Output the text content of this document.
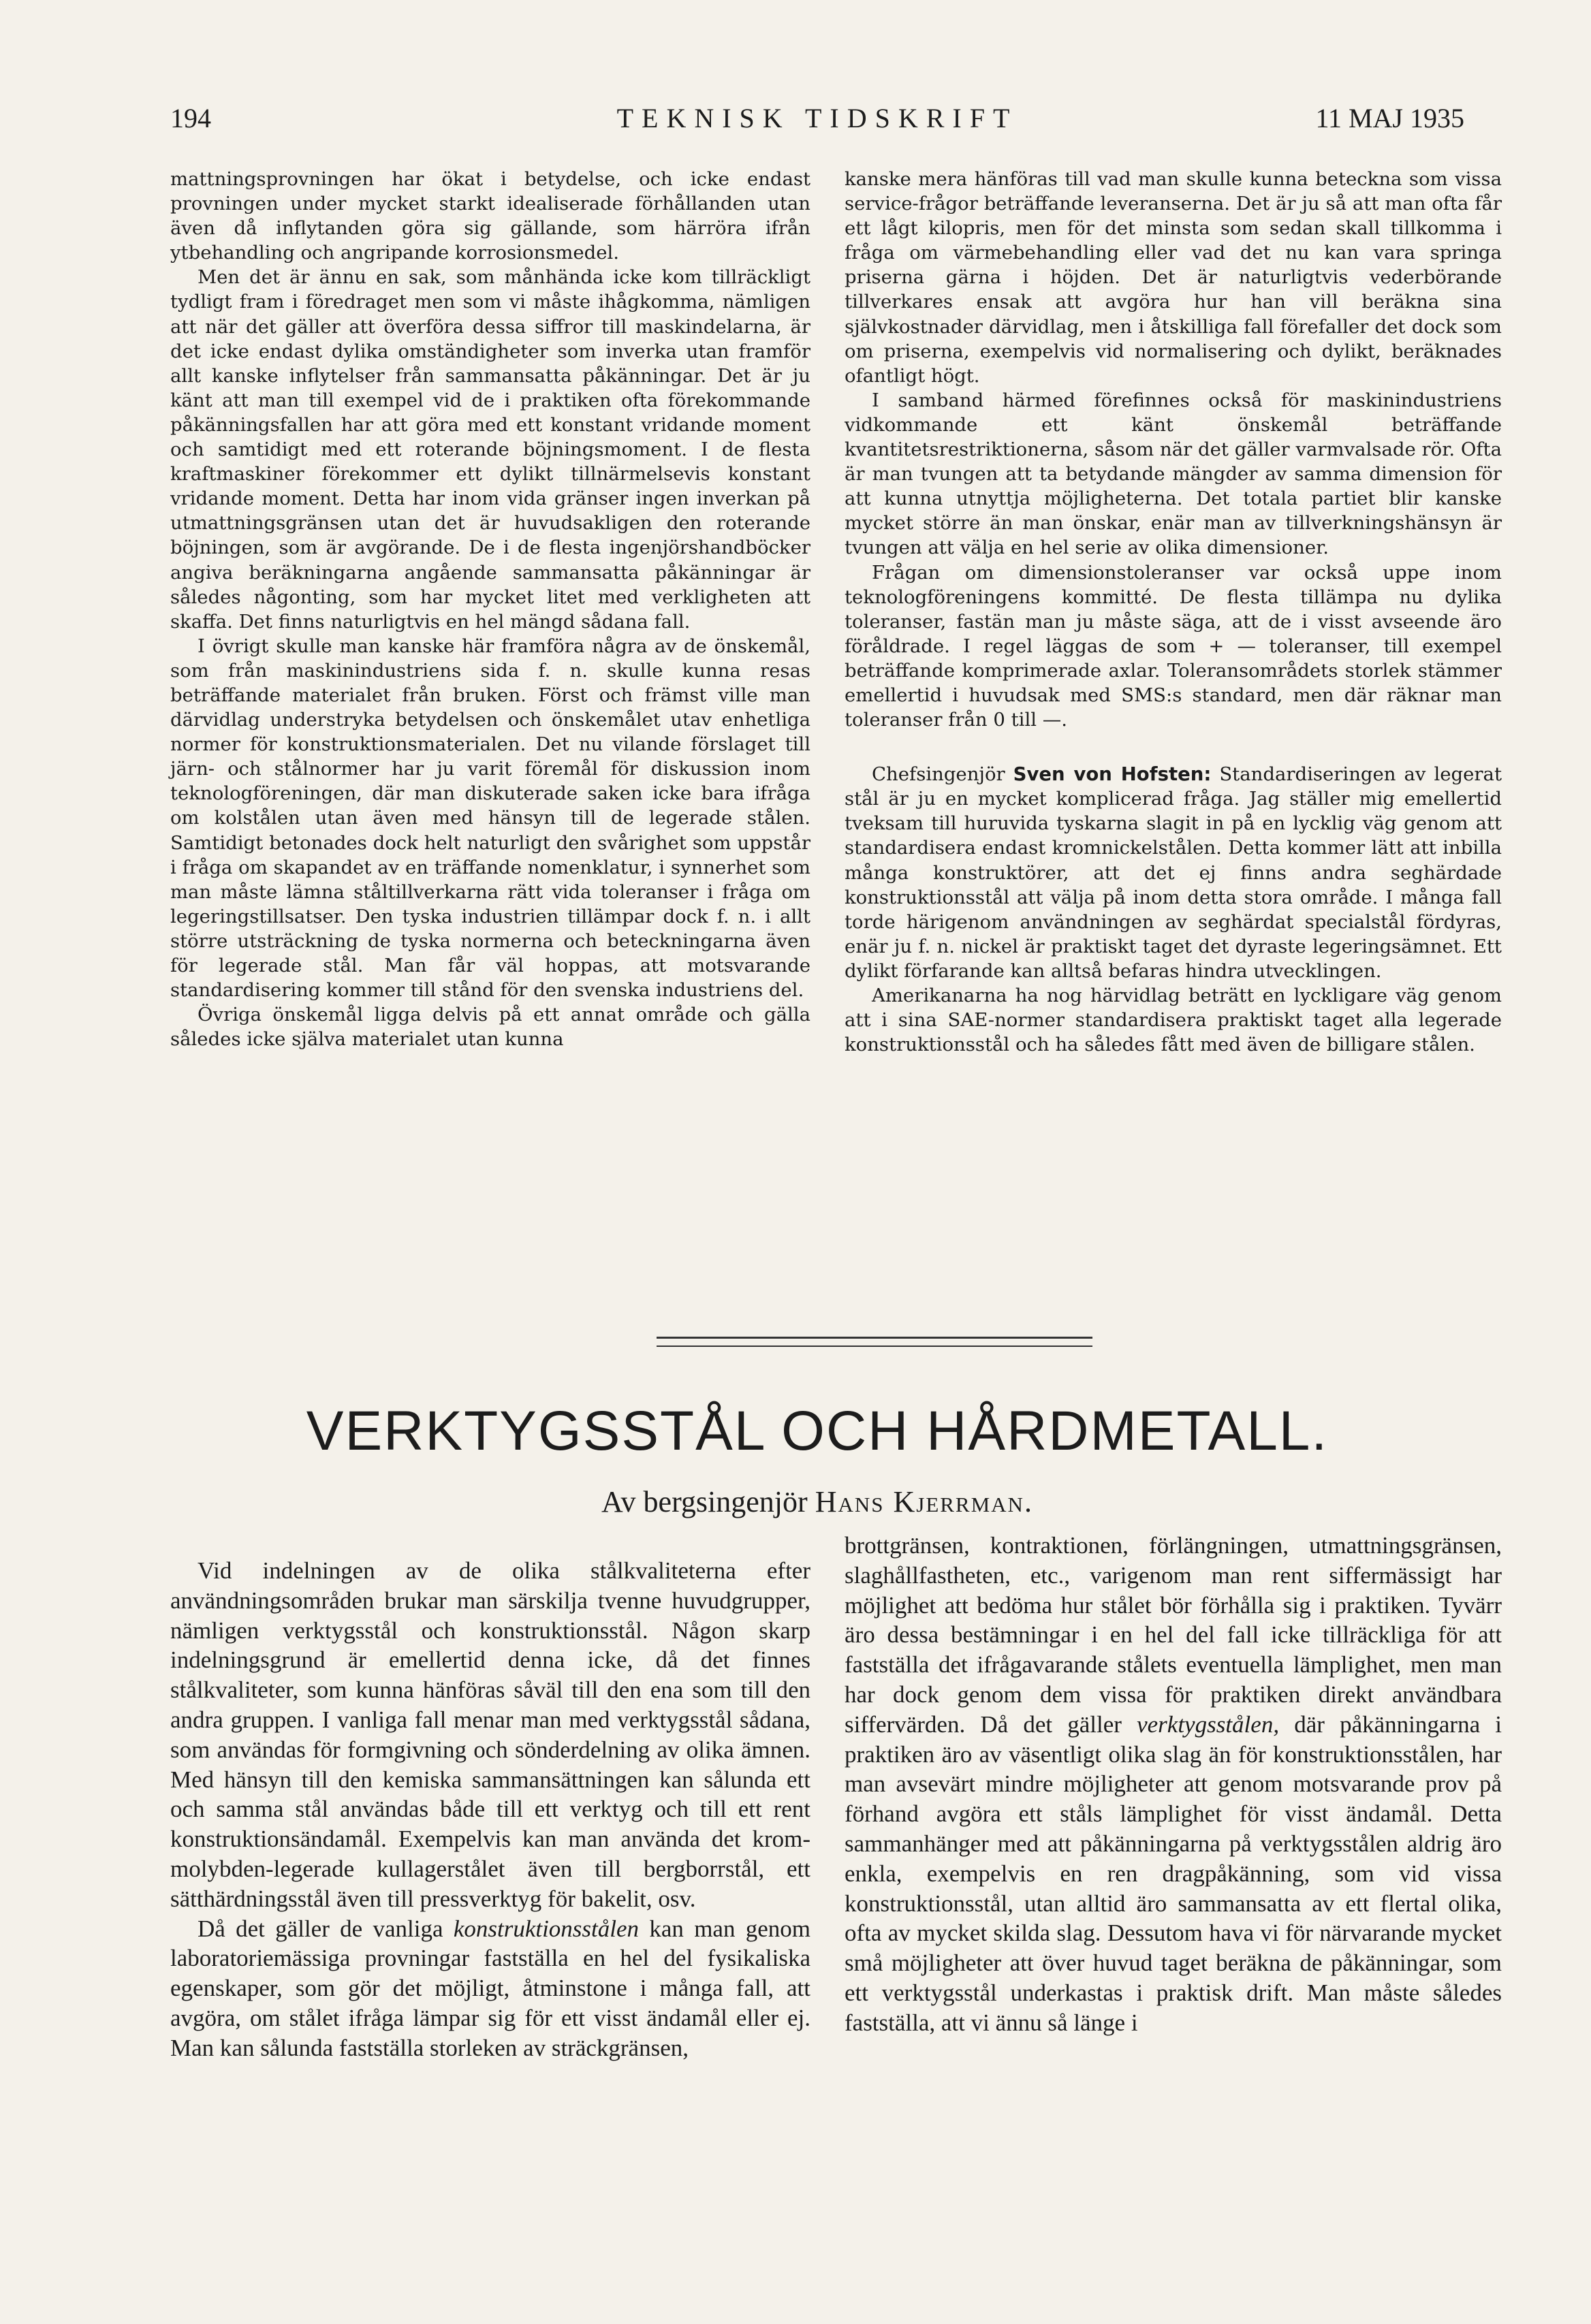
TEKNISK TIDSKRIFT
194	11 MAJ 1935

mattningsprovningen har ökat i betydelse, och icke endast provningen under mycket starkt idealiserade förhållanden utan även då inflytanden göra sig gällande, som härröra ifrån ytbehandling och angripande korrosionsmedel.

Men det är ännu en sak, som månhända icke kom tillräckligt tydligt fram i föredraget men som vi måste ihågkomma, nämligen att när det gäller att överföra dessa siffror till maskindelarna, är det icke endast dylika omständigheter som inverka utan framför allt kanske inflytelser från sammansatta påkänningar. Det är ju känt att man till exempel vid de i praktiken ofta förekommande påkänningsfallen har att göra med ett konstant vridande moment och samtidigt med ett roterande böjningsmoment. I de flesta kraftmaskiner förekommer ett dylikt tillnärmelsevis konstant vridande moment. Detta har inom vida gränser ingen inverkan på utmattningsgränsen utan det är huvudsakligen den roterande böjningen, som är avgörande. De i de flesta ingenjörshandböcker angiva beräkningarna angående sammansatta påkänningar är således någonting, som har mycket litet med verkligheten att skaffa. Det finns naturligtvis en hel mängd sådana fall.

I övrigt skulle man kanske här framföra några av de önskemål, som från maskinindustriens sida f. n. skulle kunna resas beträffande materialet från bruken. Först och främst ville man därvidlag understryka betydelsen och önskemålet utav enhetliga normer för konstruktionsmaterialen. Det nu vilande förslaget till järn- och stålnormer har ju varit föremål för diskussion inom teknologföreningen, där man diskuterade saken icke bara ifråga om kolstålen utan även med hänsyn till de legerade stålen. Samtidigt betonades dock helt naturligt den svårighet som uppstår i fråga om skapandet av en träffande nomenklatur, i synnerhet som man måste lämna ståltillverkarna rätt vida toleranser i fråga om legeringstillsatser. Den tyska industrien tillämpar dock f. n. i allt större utsträckning de tyska normerna och beteckningarna även för legerade stål. Man får väl hoppas, att motsvarande standardisering kommer till stånd för den svenska industriens del.

Övriga önskemål ligga delvis på ett annat område och gälla således icke själva materialet utan kunna

kanske mera hänföras till vad man skulle kunna beteckna som vissa service-frågor beträffande leveranserna. Det är ju så att man ofta får ett lågt kilopris, men för det minsta som sedan skall tillkomma i fråga om värmebehandling eller vad det nu kan vara springa priserna gärna i höjden. Det är naturligtvis vederbörande tillverkares ensak att avgöra hur han vill beräkna sina självkostnader därvidlag, men i åtskilliga fall förefaller det dock som om priserna, exempelvis vid normalisering och dylikt, beräknades ofantligt högt.

I samband härmed förefinnes också för maskinindustriens vidkommande ett känt önskemål beträffande kvantitetsrestriktionerna, såsom när det gäller varmvalsade rör. Ofta är man tvungen att ta betydande mängder av samma dimension för att kunna utnyttja möjligheterna. Det totala partiet blir kanske mycket större än man önskar, enär man av tillverkningshänsyn är tvungen att välja en hel serie av olika dimensioner.

Frågan om dimensionstoleranser var också uppe inom teknologföreningens kommitté. De flesta tillämpa nu dylika toleranser, fastän man ju måste säga, att de i visst avseende äro föråldrade. I regel läggas de som + — toleranser, till exempel beträffande komprimerade axlar. Toleransområdets storlek stämmer emellertid i huvudsak med SMS:s standard, men där räknar man toleranser från 0 till —.

Chefsingenjör Sven von Hofsten: Standardiseringen av legerat stål är ju en mycket komplicerad fråga. Jag ställer mig emellertid tveksam till huruvida tyskarna slagit in på en lycklig väg genom att standardisera endast kromnickelstålen. Detta kommer lätt att inbilla många konstruktörer, att det ej finns andra seghärdade konstruktionsstål att välja på inom detta stora område. I många fall torde härigenom användningen av seghärdat specialstål fördyras, enär ju f. n. nickel är praktiskt taget det dyraste legeringsämnet. Ett dylikt förfarande kan alltså befaras hindra utvecklingen.

Amerikanarna ha nog härvidlag beträtt en lyckligare väg genom att i sina SAE-normer standardisera praktiskt taget alla legerade konstruktionsstål och ha således fått med även de billigare stålen.

VERKTYGSSTÅL OCH HÅRDMETALL.
Av bergsingenjör Hans Kjerrman.

Vid indelningen av de olika stålkvaliteterna efter användningsområden brukar man särskilja tvenne huvudgrupper, nämligen verktygsstål och konstruktionsstål. Någon skarp indelningsgrund är emellertid denna icke, då det finnes stålkvaliteter, som kunna hänföras såväl till den ena som till den andra gruppen. I vanliga fall menar man med verktygsstål sådana, som användas för formgivning och sönderdelning av olika ämnen. Med hänsyn till den kemiska sammansättningen kan sålunda ett och samma stål användas både till ett verktyg och till ett rent konstruktionsändamål. Exempelvis kan man använda det krom-molybden-legerade kullagerstålet även till bergborrstål, ett sätthärdningsstål även till pressverktyg för bakelit, osv.

Då det gäller de vanliga konstruktionsstålen kan man genom laboratoriemässiga provningar fastställa en hel del fysikaliska egenskaper, som gör det möjligt, åtminstone i många fall, att avgöra, om stålet ifråga lämpar sig för ett visst ändamål eller ej. Man kan sålunda fastställa storleken av sträckgränsen,

brottgränsen, kontraktionen, förlängningen, utmattningsgränsen, slaghållfastheten, etc., varigenom man rent siffermässigt har möjlighet att bedöma hur stålet bör förhålla sig i praktiken. Tyvärr äro dessa bestämningar i en hel del fall icke tillräckliga för att fastställa det ifrågavarande stålets eventuella lämplighet, men man har dock genom dem vissa för praktiken direkt användbara siffervärden. Då det gäller verktygsstålen, där påkänningarna i praktiken äro av väsentligt olika slag än för konstruktionsstålen, har man avsevärt mindre möjligheter att genom motsvarande prov på förhand avgöra ett ståls lämplighet för visst ändamål. Detta sammanhänger med att påkänningarna på verktygsstålen aldrig äro enkla, exempelvis en ren dragpåkänning, som vid vissa konstruktionsstål, utan alltid äro sammansatta av ett flertal olika, ofta av mycket skilda slag. Dessutom hava vi för närvarande mycket små möjligheter att över huvud taget beräkna de påkänningar, som ett verktygsstål underkastas i praktisk drift. Man måste således fastställa, att vi ännu så länge i
